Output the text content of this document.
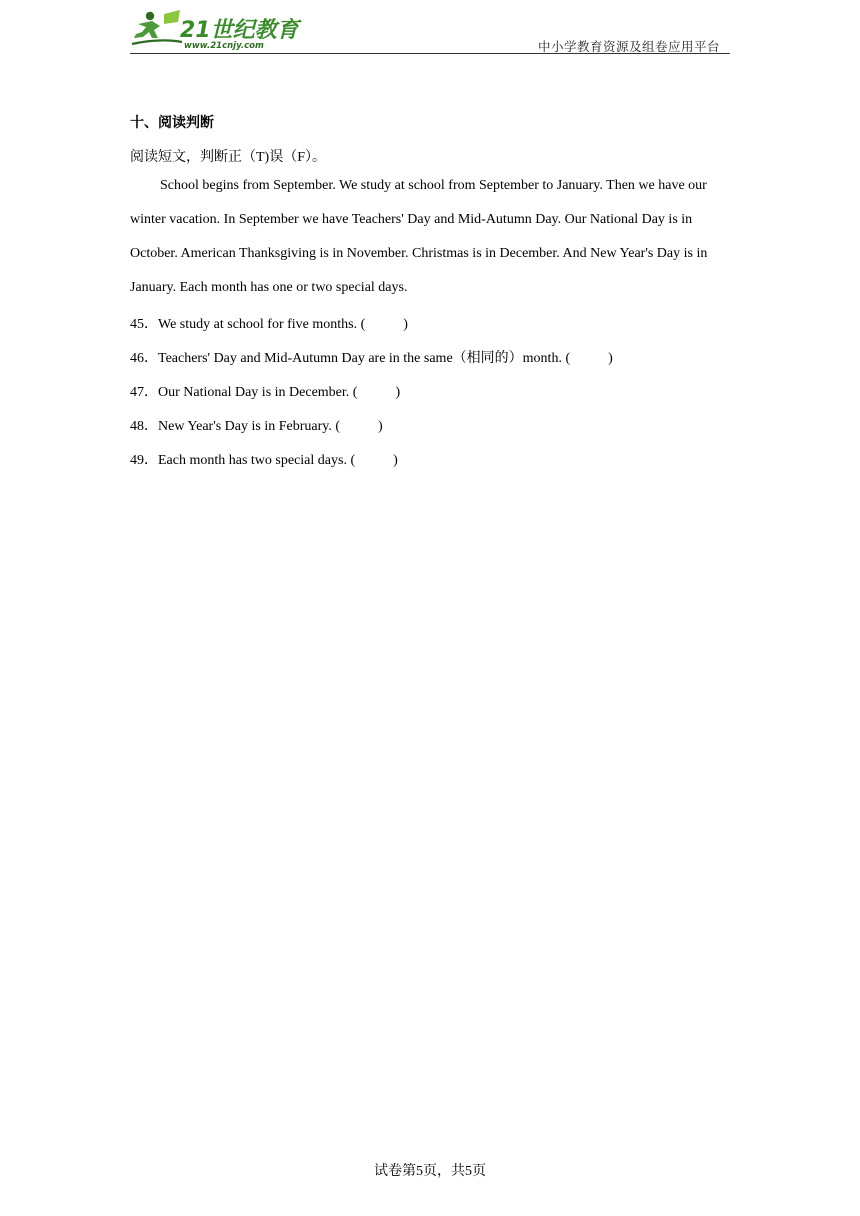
21世纪教育
www.21cnjy.com	中小学教育资源及组卷应用平台
十、阅读判断
阅读短文，判断正（T)误（F）。

School begins from September. We study at school from September to January. Then we have our winter vacation. In September we have Teachers' Day and Mid-Autumn Day. Our National Day is in October. American Thanksgiving is in November. Christmas is in December. And New Year's Day is in January. Each month has one or two special days.

45．We study at school for five months. (	)
46．Teachers' Day and Mid-Autumn Day are in the same（相同的）month. (	)
47．Our National Day is in December. (	)
48．New Year's Day is in February. (	)
49．Each month has two special days. (	)
试卷第5页，共5页
